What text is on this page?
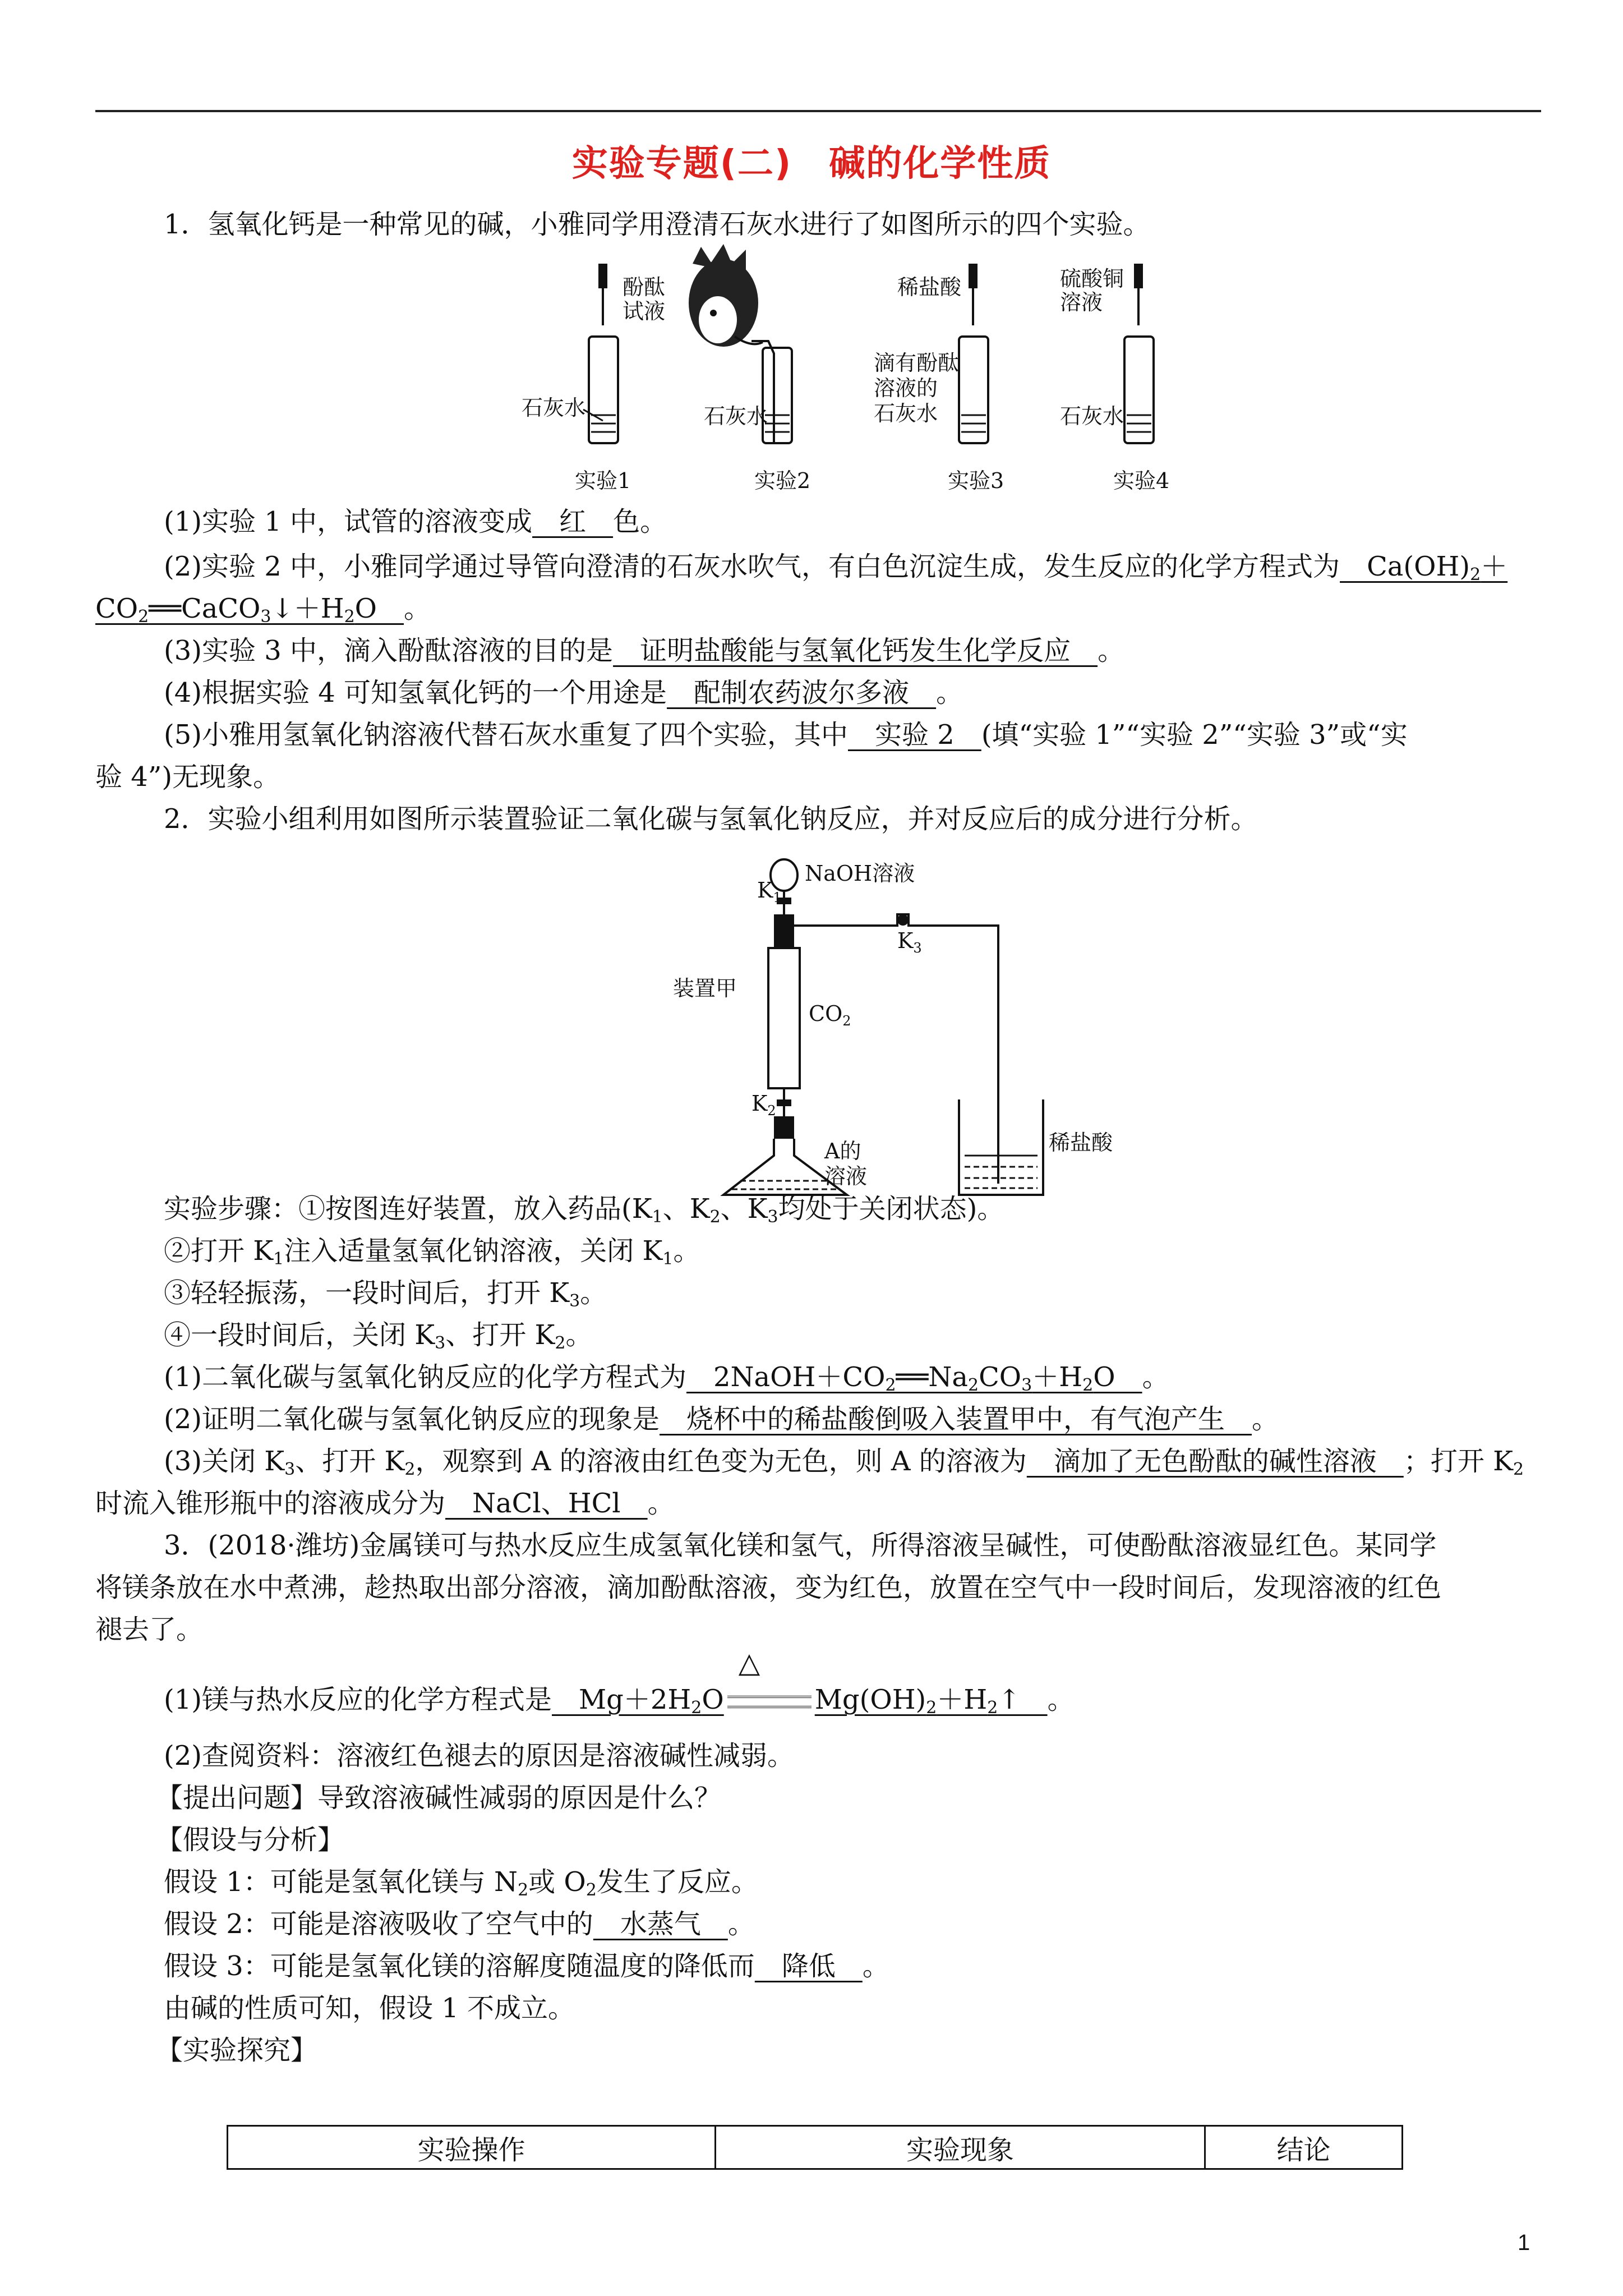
实验专题(二)　碱的化学性质
1．氢氧化钙是一种常见的碱，小雅同学用澄清石灰水进行了如图所示的四个实验。
酚酞
试液
石灰水
实验1
石灰水
实验2
稀盐酸
滴有酚酞
溶液的
石灰水
实验3
硫酸铜
溶液
石灰水
实验4
(1)实验 1 中，试管的溶液变成　红　色。
(2)实验 2 中，小雅同学通过导管向澄清的石灰水吹气，有白色沉淀生成，发生反应的化学方程式为　$Ca(OH)_2+$
$CO_2══CaCO_3↓+H_2O$　。
(3)实验 3 中，滴入酚酞溶液的目的是　证明盐酸能与氢氧化钙发生化学反应　。
(4)根据实验 4 可知氢氧化钙的一个用途是　配制农药波尔多液　。
(5)小雅用氢氧化钠溶液代替石灰水重复了四个实验，其中　实验 2　(填“实验 1”“实验 2”“实验 3”或“实
验 4”)无现象。
2．实验小组利用如图所示装置验证二氧化碳与氢氧化钠反应，并对反应后的成分进行分析。
$K_1$
NaOH溶液
$K_3$
装置甲
$CO_2$
$K_2$
A的
溶液
稀盐酸
实验步骤：①按图连好装置，放入药品($K_1$、$K_2$、$K_3$均处于关闭状态)。
②打开 $K_1$注入适量氢氧化钠溶液，关闭 $K_1$。
③轻轻振荡，一段时间后，打开 $K_3$。
④一段时间后，关闭 $K_3$、打开 $K_2$。
(1)二氧化碳与氢氧化钠反应的化学方程式为　$2NaOH+CO_2══Na_2CO_3+H_2O$　。
(2)证明二氧化碳与氢氧化钠反应的现象是　烧杯中的稀盐酸倒吸入装置甲中，有气泡产生　。
(3)关闭 $K_3$、打开 $K_2$，观察到 A 的溶液由红色变为无色，则 A 的溶液为　滴加了无色酚酞的碱性溶液　；打开 $K_2$
时流入锥形瓶中的溶液成分为　NaCl、HCl　。
3．(2018·潍坊)金属镁可与热水反应生成氢氧化镁和氢气，所得溶液呈碱性，可使酚酞溶液显红色。某同学
将镁条放在水中煮沸，趁热取出部分溶液，滴加酚酞溶液，变为红色，放置在空气中一段时间后，发现溶液的红色
褪去了。
(1)镁与热水反应的化学方程式是　$Mg+2H_2O$
△
$Mg(OH)_2+H_2↑$　。
(2)查阅资料：溶液红色褪去的原因是溶液碱性减弱。
【提出问题】导致溶液碱性减弱的原因是什么？
【假设与分析】
假设 1：可能是氢氧化镁与 $N_2$或 $O_2$发生了反应。
假设 2：可能是溶液吸收了空气中的　水蒸气　。
假设 3：可能是氢氧化镁的溶解度随温度的降低而　降低　。
由碱的性质可知，假设 1 不成立。
【实验探究】
实验操作	实验现象	结论
1
